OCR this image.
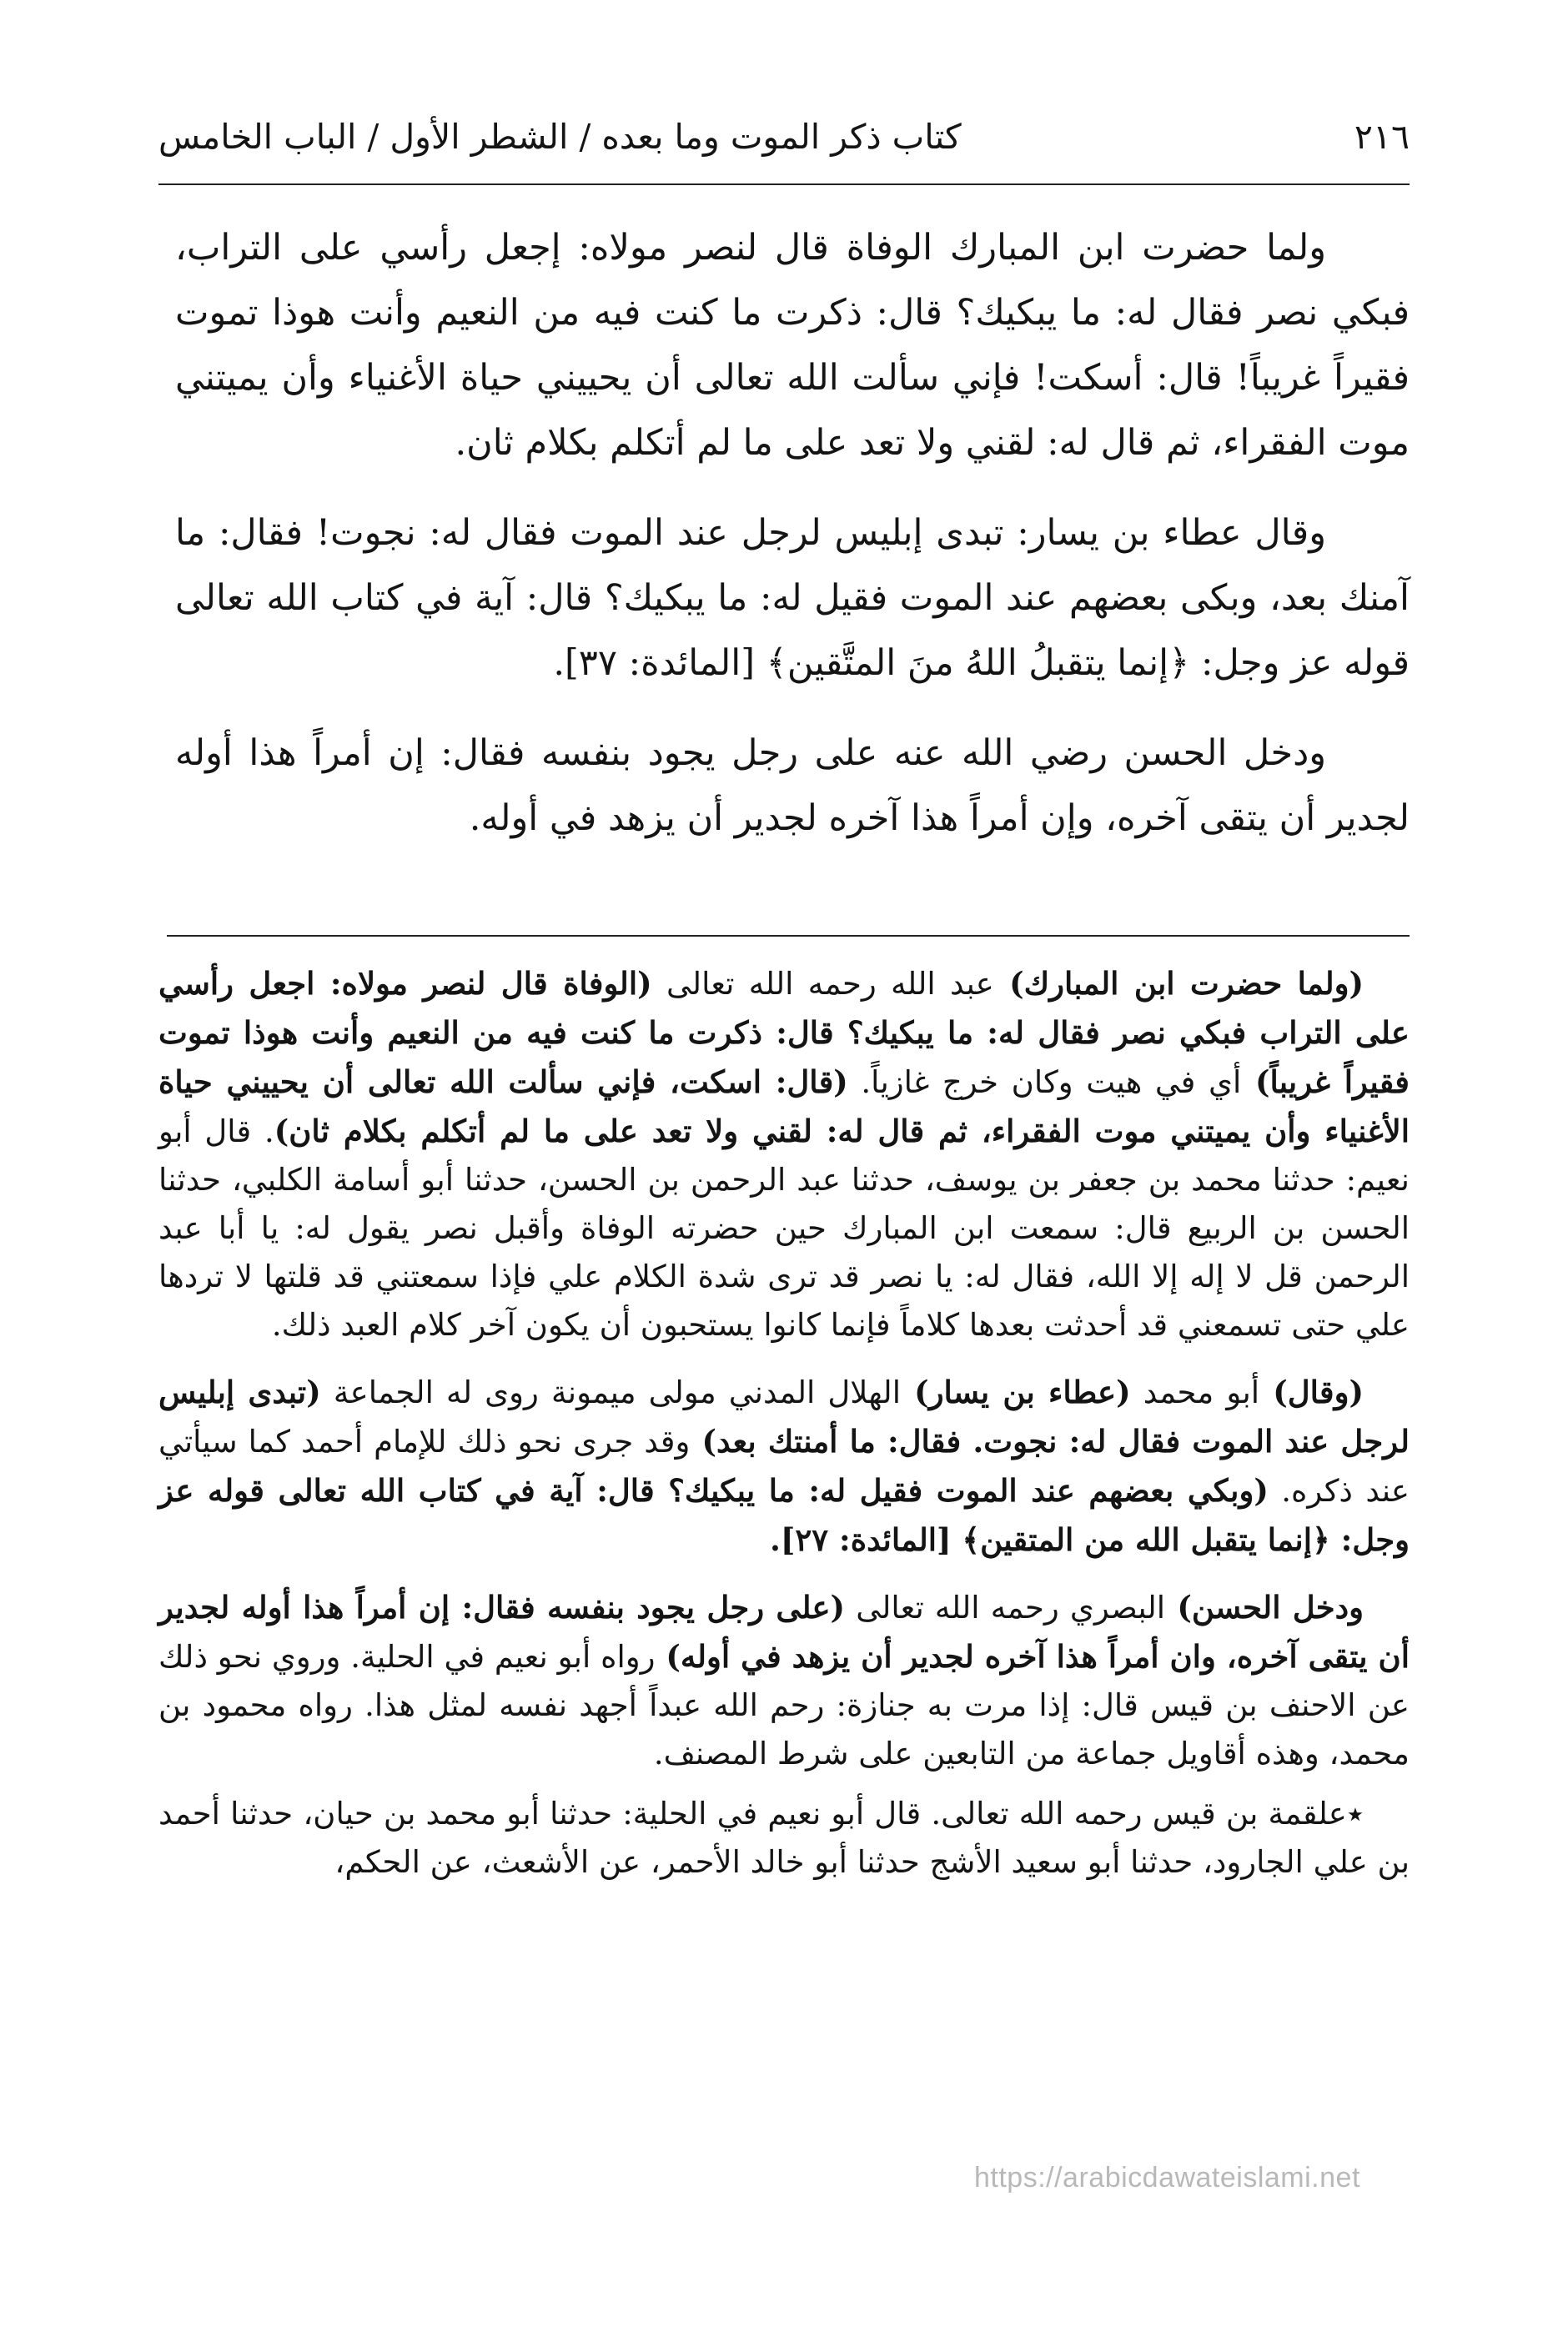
٢١٦
كتاب ذكر الموت وما بعده / الشطر الأول / الباب الخامس

ولما حضرت ابن المبارك الوفاة قال لنصر مولاه: إجعل رأسي على التراب، فبكي نصر فقال له: ما يبكيك؟ قال: ذكرت ما كنت فيه من النعيم وأنت هوذا تموت فقيراً غريباً! قال: أسكت! فإني سألت الله تعالى أن يحييني حياة الأغنياء وأن يميتني موت الفقراء، ثم قال له: لقني ولا تعد على ما لم أتكلم بكلام ثان.

وقال عطاء بن يسار: تبدى إبليس لرجل عند الموت فقال له: نجوت! فقال: ما آمنك بعد، وبكى بعضهم عند الموت فقيل له: ما يبكيك؟ قال: آية في كتاب الله تعالى قوله عز وجل: ﴿إنما يتقبلُ اللهُ منَ المتَّقين﴾ [المائدة: ٣٧].

ودخل الحسن رضي الله عنه على رجل يجود بنفسه فقال: إن أمراً هذا أوله لجدير أن يتقى آخره، وإن أمراً هذا آخره لجدير أن يزهد في أوله.

(ولما حضرت ابن المبارك) عبد الله رحمه الله تعالى (الوفاة قال لنصر مولاه: اجعل رأسي على التراب فبكي نصر فقال له: ما يبكيك؟ قال: ذكرت ما كنت فيه من النعيم وأنت هوذا تموت فقيراً غريباً) أي في هيت وكان خرج غازياً. (قال: اسكت، فإني سألت الله تعالى أن يحييني حياة الأغنياء وأن يميتني موت الفقراء، ثم قال له: لقني ولا تعد على ما لم أتكلم بكلام ثان). قال أبو نعيم: حدثنا محمد بن جعفر بن يوسف، حدثنا عبد الرحمن بن الحسن، حدثنا أبو أسامة الكلبي، حدثنا الحسن بن الربيع قال: سمعت ابن المبارك حين حضرته الوفاة وأقبل نصر يقول له: يا أبا عبد الرحمن قل لا إله إلا الله، فقال له: يا نصر قد ترى شدة الكلام علي فإذا سمعتني قد قلتها لا تردها علي حتى تسمعني قد أحدثت بعدها كلاماً فإنما كانوا يستحبون أن يكون آخر كلام العبد ذلك.

(وقال) أبو محمد (عطاء بن يسار) الهلال المدني مولى ميمونة روى له الجماعة (تبدى إبليس لرجل عند الموت فقال له: نجوت. فقال: ما أمنتك بعد) وقد جرى نحو ذلك للإمام أحمد كما سيأتي عند ذكره. (وبكي بعضهم عند الموت فقيل له: ما يبكيك؟ قال: آية في كتاب الله تعالى قوله عز وجل: ﴿إنما يتقبل الله من المتقين﴾ [المائدة: ٢٧].

ودخل الحسن) البصري رحمه الله تعالى (على رجل يجود بنفسه فقال: إن أمراً هذا أوله لجدير أن يتقى آخره، وان أمراً هذا آخره لجدير أن يزهد في أوله) رواه أبو نعيم في الحلية. وروي نحو ذلك عن الاحنف بن قيس قال: إذا مرت به جنازة: رحم الله عبداً أجهد نفسه لمثل هذا. رواه محمود بن محمد، وهذه أقاويل جماعة من التابعين على شرط المصنف.

٭علقمة بن قيس رحمه الله تعالى. قال أبو نعيم في الحلية: حدثنا أبو محمد بن حيان، حدثنا أحمد بن علي الجارود، حدثنا أبو سعيد الأشج حدثنا أبو خالد الأحمر، عن الأشعث، عن الحكم،

https://arabicdawateislami.net
